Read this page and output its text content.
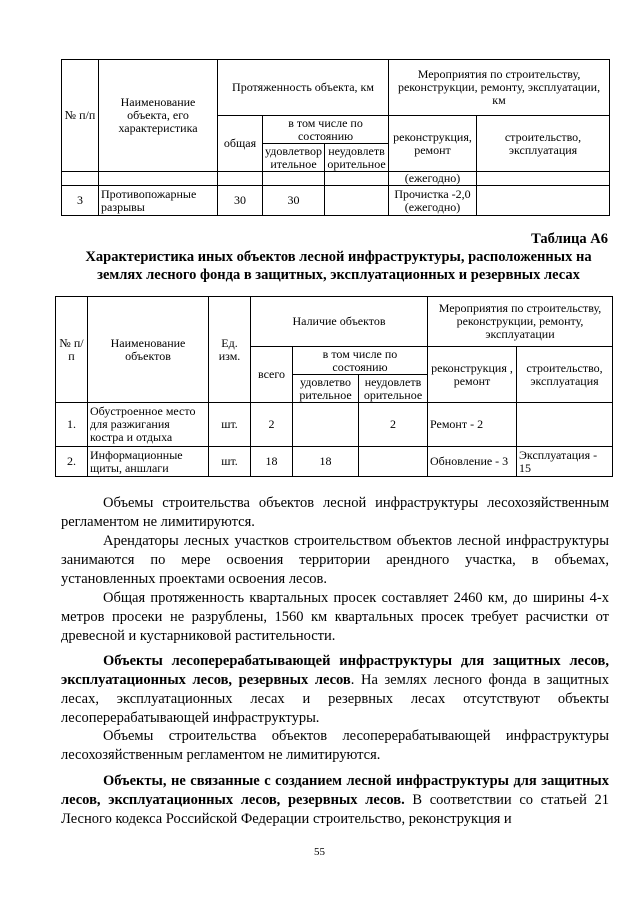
№ п/п	Наименование объекта, его характеристика	Протяженность объекта, км			Мероприятия по строительству, реконструкции, ремонту, эксплуатации, км	
		общая	в том числе по состоянию		реконструкция, ремонт	строительство, эксплуатация
			удовлетвор ительное	неудовлетв орительное		

					(ежегодно)	
3	Противопожарные разрывы	30	30		Прочистка -2,0 (ежегодно)	
Таблица А6
Характеристика иных объектов лесной инфраструктуры, расположенных на землях лесного фонда в защитных, эксплуатационных и резервных лесах
№ п/п	Наименование объектов	Ед. изм.	Наличие объектов			Мероприятия по строительству, реконструкции, ремонту, эксплуатации	
			всего	в том числе по состоянию		реконструкция , ремонт	строительство, эксплуатация
				удовлетво рительное	неудовлетв орительное		
1.	Обустроенное место для разжигания костра и отдыха	шт.	2		2	Ремонт - 2	
2.	Информационные щиты, аншлаги	шт.	18	18		Обновление - 3	Эксплуатация - 15
Объемы строительства объектов лесной инфраструктуры лесохозяйственным регламентом не лимитируются.
Арендаторы лесных участков строительством объектов лесной инфраструктуры занимаются по мере освоения территории арендного участка, в объемах, установленных проектами освоения лесов.
Общая протяженность квартальных просек составляет 2460 км, до ширины 4-х метров просеки не разрублены, 1560 км квартальных просек требует расчистки от древесной и кустарниковой растительности.
Объекты лесоперерабатывающей инфраструктуры для защитных лесов, эксплуатационных лесов, резервных лесов. На землях лесного фонда в защитных лесах, эксплуатационных лесах и резервных лесах отсутствуют объекты лесоперерабатывающей инфраструктуры.
Объемы строительства объектов лесоперерабатывающей инфраструктуры лесохозяйственным регламентом не лимитируются.
Объекты, не связанные с созданием лесной инфраструктуры для защитных лесов, эксплуатационных лесов, резервных лесов. В соответствии со статьей 21 Лесного кодекса Российской Федерации строительство, реконструкция и
55
